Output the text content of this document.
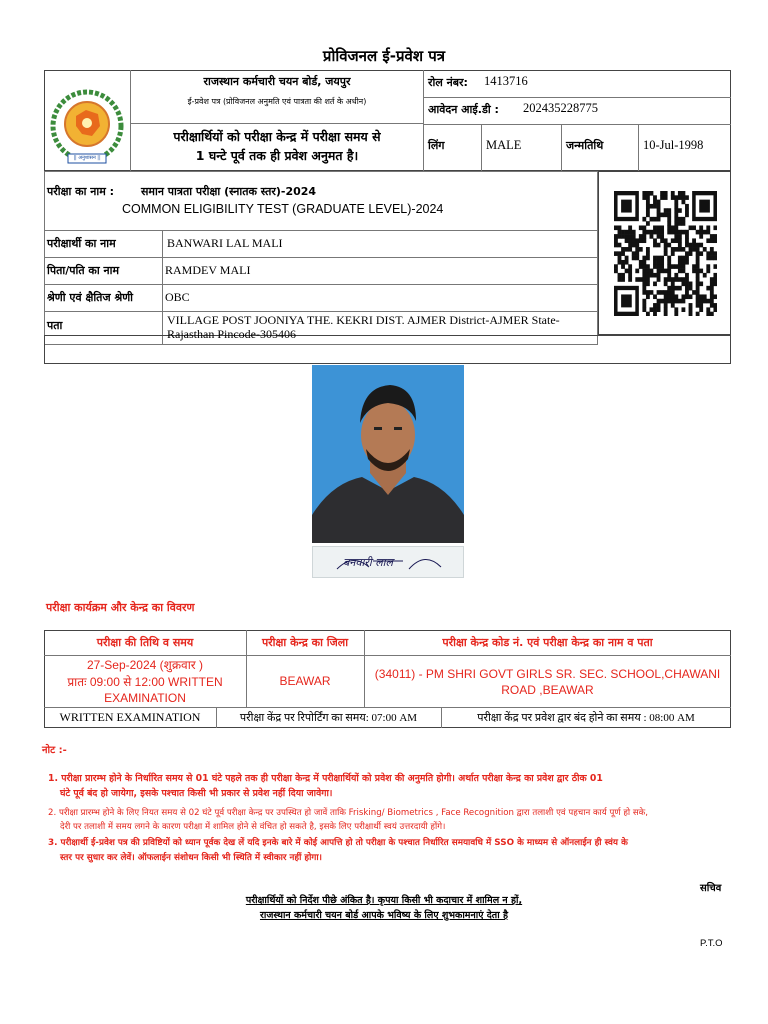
प्रोविजनल ई-प्रवेश पत्र
|| अनुशासन ||
राजस्थान कर्मचारी चयन बोर्ड, जयपुर
ई-प्रवेश पत्र (प्रोविजनल अनुमति एवं पात्रता की शर्त के अधीन)
परीक्षार्थियों को परीक्षा केन्द्र में परीक्षा समय से
1 घन्टे पूर्व तक ही प्रवेश अनुमत है।
रोल नंबर: 1413716
आवेदन आई.डी : 202435228775
लिंग	MALE	जन्मतिथि	10-Jul-1998
परीक्षा का नाम : समान पात्रता परीक्षा (स्नातक स्तर)-2024
COMMON ELIGIBILITY TEST (GRADUATE LEVEL)-2024
परीक्षार्थी का नाम	BANWARI LAL MALI
पिता/पति का नाम	RAMDEV MALI
श्रेणी एवं क्षैतिज श्रेणी	OBC
पता	VILLAGE POST JOONIYA THE. KEKRI DIST. AJMER District-AJMER State-
Rajasthan Pincode-305406
बनवारी लाल
परीक्षा कार्यक्रम और केन्द्र का विवरण
परीक्षा की तिथि व समय	परीक्षा केन्द्र का जिला	परीक्षा केन्द्र कोड नं. एवं परीक्षा केन्द्र का नाम व पता
27-Sep-2024 (शुक्रवार )
प्रातः 09:00 से 12:00 WRITTEN
EXAMINATION
BEAWAR	(34011) - PM SHRI GOVT GIRLS SR. SEC. SCHOOL,CHAWANI
ROAD ,BEAWAR
WRITTEN EXAMINATION	परीक्षा केंद्र पर रिपोर्टिंग का समय: 07:00 AM	परीक्षा केंद्र पर प्रवेश द्वार बंद होने का समय : 08:00 AM
नोट :-
1. परीक्षा प्रारम्भ होने के निर्धारित समय से 01 घंटे पहले तक ही परीक्षा केन्द्र में परीक्षार्थियों को प्रवेश की अनुमति होगी। अर्थात परीक्षा केन्द्र का प्रवेश द्वार ठीक 01
घंटे पूर्व बंद हो जायेगा, इसके पश्चात किसी भी प्रकार से प्रवेश नहीं दिया जावेगा।
2. परीक्षा प्रारम्भ होने के लिए नियत समय से 02 घंटे पूर्व परीक्षा केन्द्र पर उपस्थित हो जावें ताकि Frisking/ Biometrics , Face Recognition द्वारा तलाशी एवं पहचान कार्य पूर्ण हो सके,
देरी पर तलाशी में समय लगने के कारण परीक्षा में शामिल होने से वंचित हो सकते है, इसके लिए परीक्षार्थी स्वयं उत्तरदायी होंगे।
3. परीक्षार्थी ई-प्रवेश पत्र की प्रविष्टियों को ध्यान पूर्वक देख लें यदि इनके बारे में कोई आपत्ति हो तो परीक्षा के पश्चात निर्धारित समयावधि में SSO के माध्यम से ऑनलाईन ही स्वंय के
स्तर पर सुधार कर लेवें। ऑफलाईन संशोधन किसी भी स्थिति में स्वीकार नहीं होगा।
सचिव
परीक्षार्थियों को निर्देश पीछे अंकित है। कृपया किसी भी कदाचार में शामिल न हों,
राजस्थान कर्मचारी चयन बोर्ड आपके भविष्य के लिए शुभकामनाएं देता है
P.T.O
